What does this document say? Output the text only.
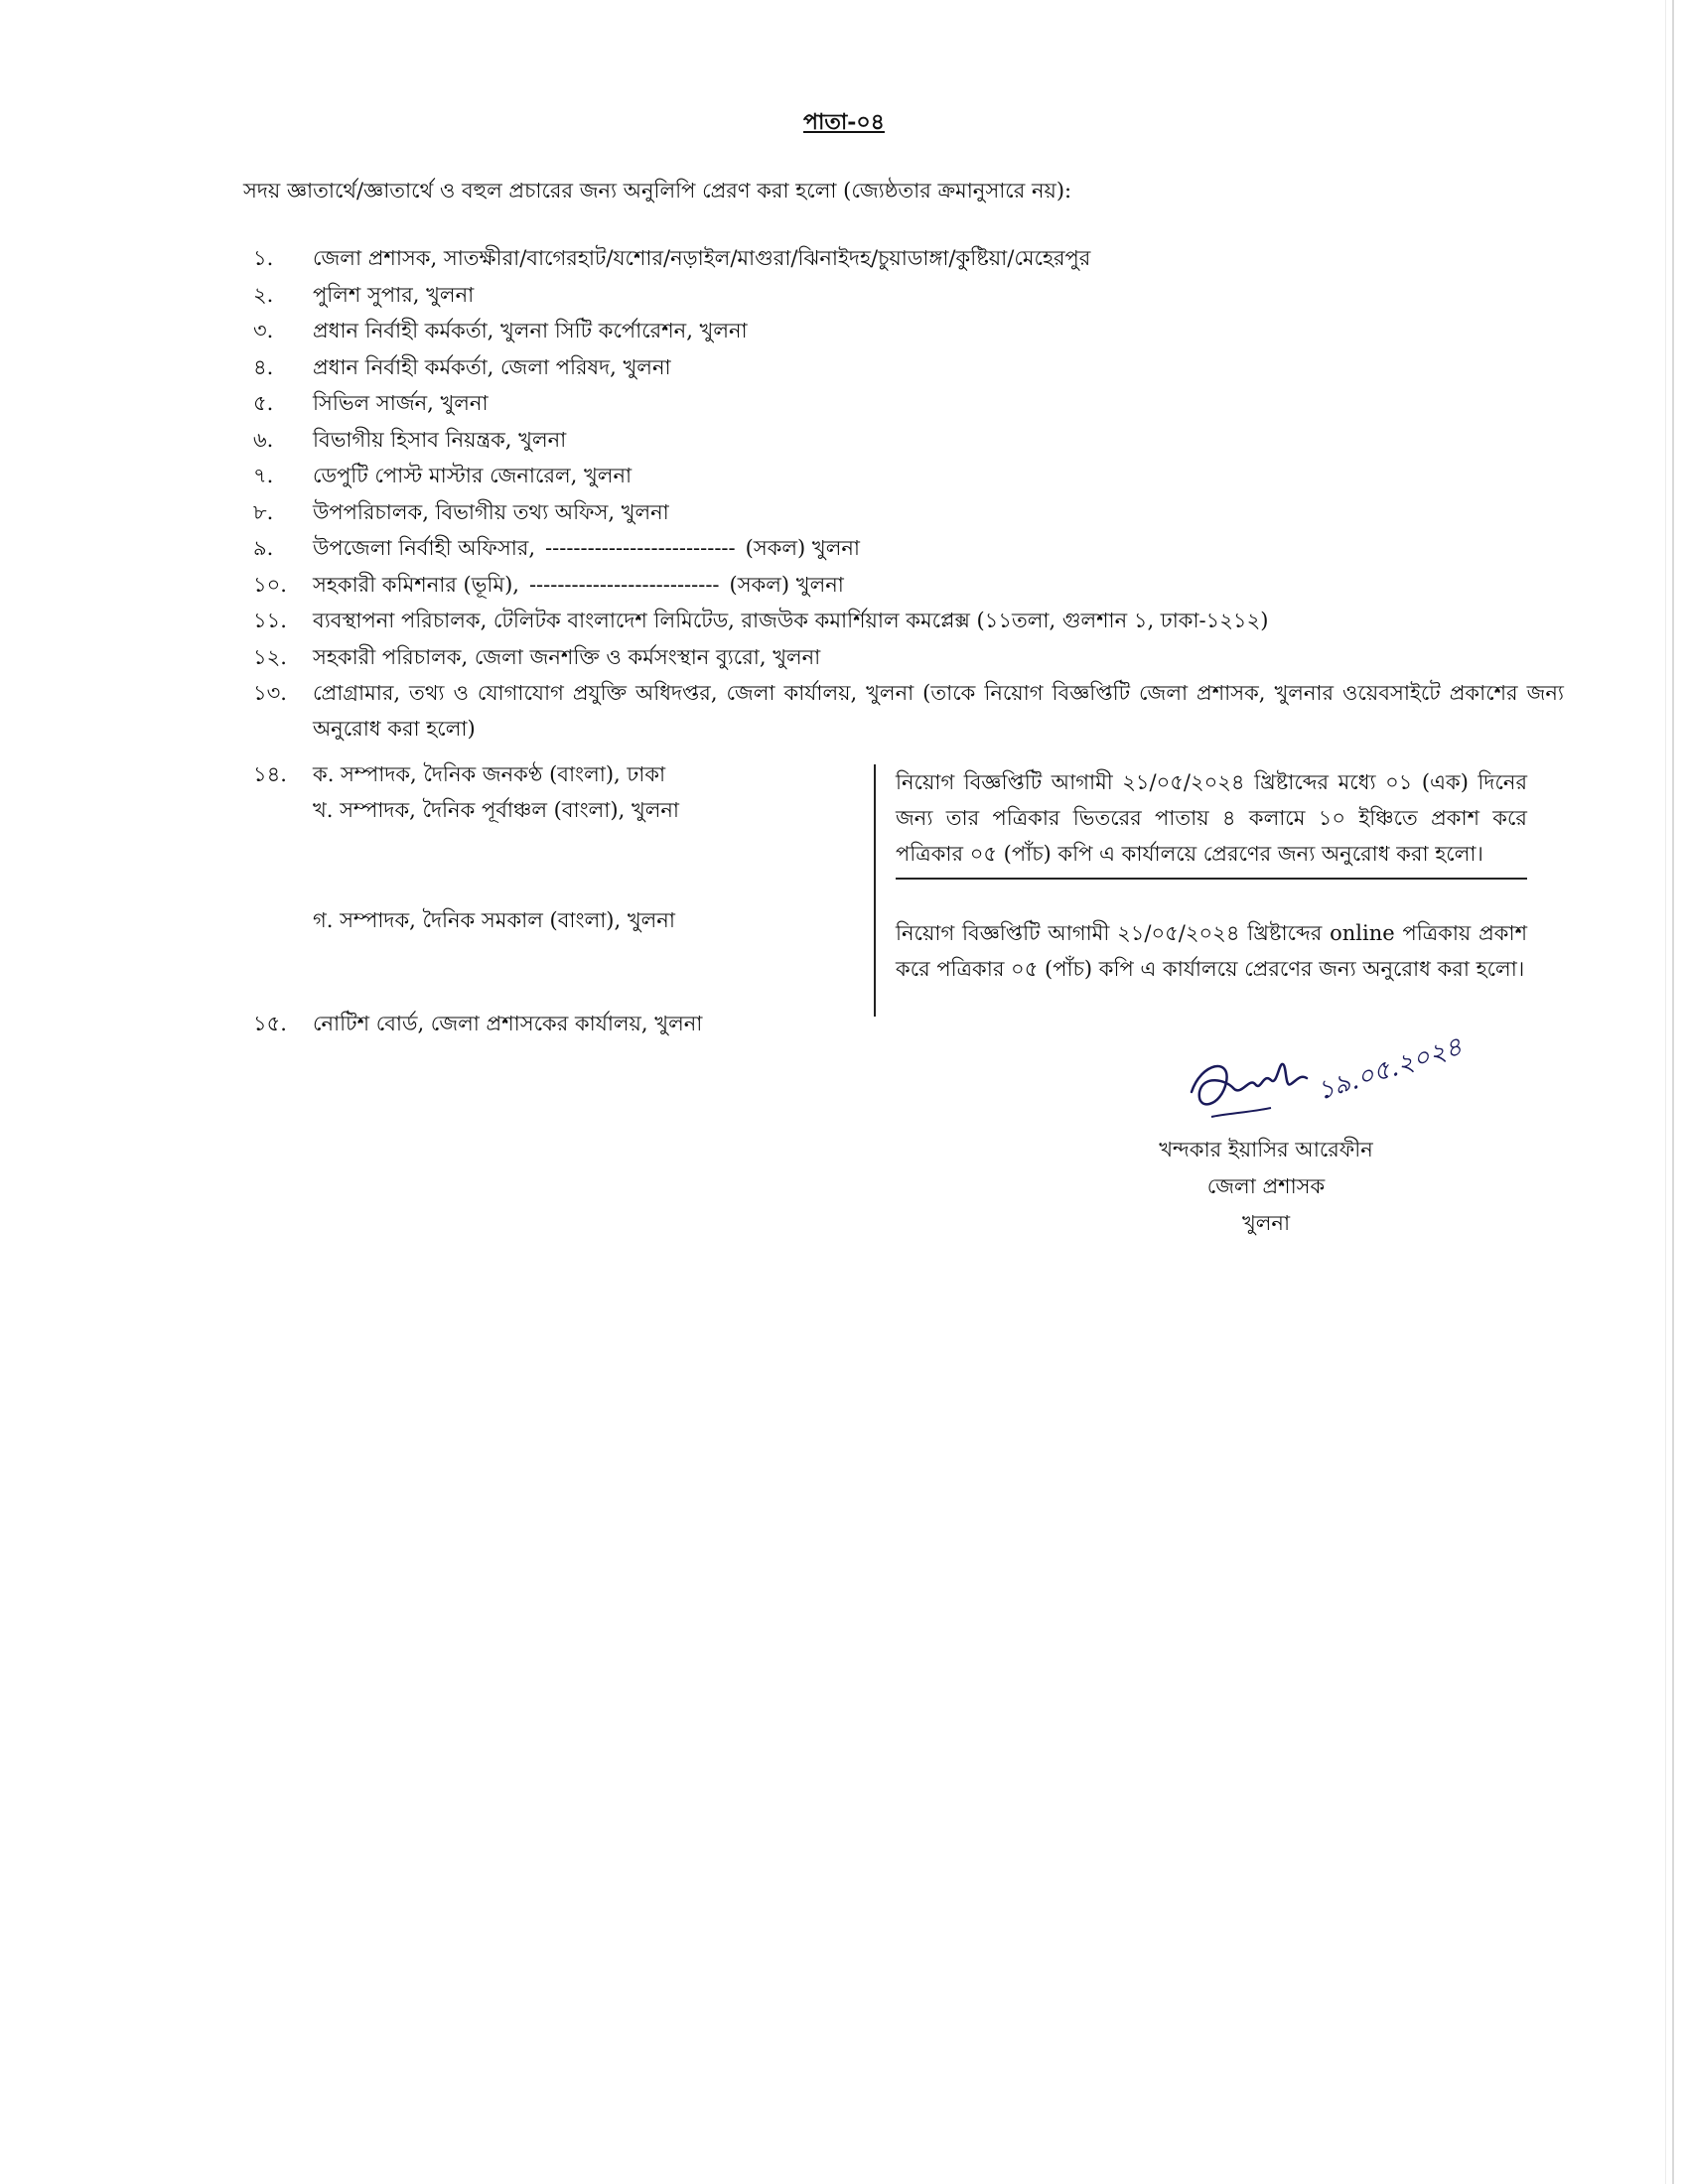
পাতা-০৪
সদয় জ্ঞাতার্থে/জ্ঞাতার্থে ও বহুল প্রচারের জন্য অনুলিপি প্রেরণ করা হলো (জ্যেষ্ঠতার ক্রমানুসারে নয়):
১.	জেলা প্রশাসক, সাতক্ষীরা/বাগেরহাট/যশোর/নড়াইল/মাগুরা/ঝিনাইদহ/চুয়াডাঙ্গা/কুষ্টিয়া/মেহেরপুর
২.	পুলিশ সুপার, খুলনা
৩.	প্রধান নির্বাহী কর্মকর্তা, খুলনা সিটি কর্পোরেশন, খুলনা
৪.	প্রধান নির্বাহী কর্মকর্তা, জেলা পরিষদ, খুলনা
৫.	সিভিল সার্জন, খুলনা
৬.	বিভাগীয় হিসাব নিয়ন্ত্রক, খুলনা
৭.	ডেপুটি পোস্ট মাস্টার জেনারেল, খুলনা
৮.	উপপরিচালক, বিভাগীয় তথ্য অফিস, খুলনা
৯.	উপজেলা নির্বাহী অফিসার, --------------------------- (সকল) খুলনা
১০.	সহকারী কমিশনার (ভূমি), --------------------------- (সকল) খুলনা
১১.	ব্যবস্থাপনা পরিচালক, টেলিটক বাংলাদেশ লিমিটেড, রাজউক কমার্শিয়াল কমপ্লেক্স (১১তলা, গুলশান ১, ঢাকা-১২১২)
১২.	সহকারী পরিচালক, জেলা জনশক্তি ও কর্মসংস্থান ব্যুরো, খুলনা
১৩.	প্রোগ্রামার, তথ্য ও যোগাযোগ প্রযুক্তি অধিদপ্তর, জেলা কার্যালয়, খুলনা (তাকে নিয়োগ বিজ্ঞপ্তিটি জেলা প্রশাসক, খুলনার ওয়েবসাইটে প্রকাশের জন্য অনুরোধ করা হলো)
১৪. ক. সম্পাদক, দৈনিক জনকণ্ঠ (বাংলা), ঢাকা
খ. সম্পাদক, দৈনিক পূর্বাঞ্চল (বাংলা), খুলনা
গ. সম্পাদক, দৈনিক সমকাল (বাংলা), খুলনা
নিয়োগ বিজ্ঞপ্তিটি আগামী ২১/০৫/২০২৪ খ্রিষ্টাব্দের মধ্যে ০১ (এক) দিনের জন্য তার পত্রিকার ভিতরের পাতায় ৪ কলামে ১০ ইঞ্চিতে প্রকাশ করে পত্রিকার ০৫ (পাঁচ) কপি এ কার্যালয়ে প্রেরণের জন্য অনুরোধ করা হলো।
নিয়োগ বিজ্ঞপ্তিটি আগামী ২১/০৫/২০২৪ খ্রিষ্টাব্দের online পত্রিকায় প্রকাশ করে পত্রিকার ০৫ (পাঁচ) কপি এ কার্যালয়ে প্রেরণের জন্য অনুরোধ করা হলো।
১৫. নোটিশ বোর্ড, জেলা প্রশাসকের কার্যালয়, খুলনা
১৯.০৫.২০২৪
খন্দকার ইয়াসির আরেফীন
জেলা প্রশাসক
খুলনা
